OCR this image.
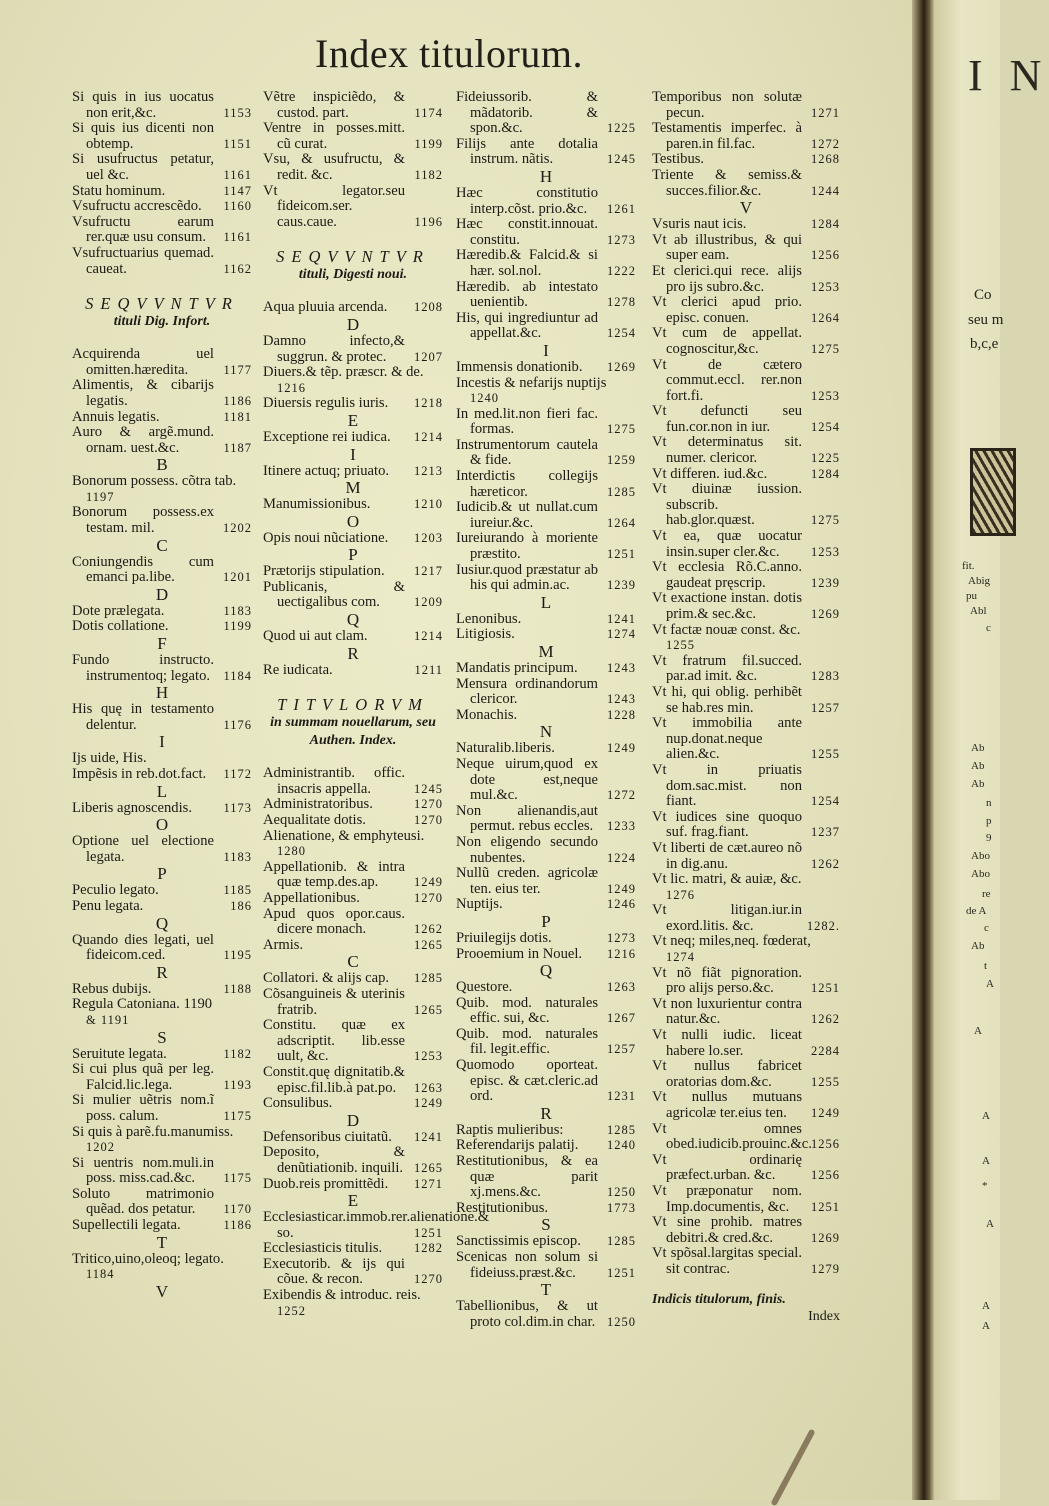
Index titulorum.
Si quis in ius uocatus non erit,&c.	1153
Si quis ius dicenti non obtemp.	1151
Si usufructus petatur, uel &c.	1161
Statu hominum.	1147
Vsufructu accrescẽdo.	1160
Vsufructu earum rer.quæ usu consum.	1161
Vsufructuarius quemad. caueat.	1162
SEQVVNTVR
tituli Dig. Infort.
Acquirenda uel omitten.hæreditа.	1177
Alimentis, & cibarijs legatis.	1186
Annuis legatis.	1181
Auro & argẽ.mund. ornam. uest.&c.	1187
B
Bonorum possess. cõtra tab.
1197
Bonorum possess.ex testam. mil.	1202
C
Coniungendis cum emanci pa.libe.	1201
D
Dote prælegata.	1183
Dotis collatione.	1199
F
Fundo instructo. instrumentoq; legato.	1184
H
His quę in testamento delentur.	1176
I
Ijs uide, His.
Impẽsis in reb.dot.fact.	1172
L
Liberis agnoscendis.	1173
O
Optione uel electione legata.	1183
P
Peculio legato.	1185
Penu legata.	186
Q
Quando dies legati, uel fideicom.ced.	1195
R
Rebus dubijs.	1188
Regula Catoniana. 1190
& 1191
S
Seruitute legata.	1182
Si cui plus quã per leg. Falcid.lic.lega.	1193
Si mulier uẽtris nom.ĩ poss. calum.	1175
Si quis à parẽ.fu.manumiss.
1202
Si uentris nom.muli.in poss. miss.cad.&c.	1175
Soluto matrimonio quẽad. dos petatur.	1170
Supellectili legata.	1186
T
Tritico,uino,oleoq; legato.
1184
V
Vẽtre inspiciẽdo, & custod. part.	1174
Ventre in posses.mitt. cũ curat.	1199
Vsu, & usufructu, & redit. &c.	1182
Vt legator.seu fideicom.ser. caus.caue.	1196
SEQVVNTVR
tituli, Digesti noui.
Aqua pluuia arcenda.	1208
D
Damno infecto,& suggrun. & protec.	1207
Diuers.& tẽp. præscr. & de.
1216
Diuersis regulis iuris.	1218
E
Exceptione rei iudica.	1214
I
Itinere actuq; priuato.	1213
M
Manumissionibus.	1210
O
Opis noui nũciatione.	1203
P
Prætorijs stipulation.	1217
Publicanis, & uectigalibus com.	1209
Q
Quod ui aut clam.	1214
R
Re iudicata.	1211
TITVLORVM
in summam nouellarum, seu Authen. Index.
Administrantib. offic. insacris appella.	1245
Administratoribus.	1270
Aequalitate dotis.	1270
Alienatione, & emphyteusi.
1280
Appellationib. & intra quæ temp.des.ap.	1249
Appellationibus.	1270
Apud quos opor.caus. dicere monach.	1262
Armis.	1265
C
Collatori. & alijs cap.	1285
Cõsanguineis & uterinis fratrib.	1265
Constitu. quæ ex adscriptit. lib.esse uult, &c.	1253
Constit.quę dignitatib.& episc.fil.lib.à pat.po.	1263
Consulibus.	1249
D
Defensoribus ciuitatũ.	1241
Deposito, & denũtiationib. inquili. 1265
Duob.reis promittẽdi.	1271
E
Ecclesiasticar.immob.rer.alienatione.& so.	1251
Ecclesiasticis titulis.	1282
Executorib. & ijs qui cõue. & recon.	1270
Exibendis & introduc. reis.
1252
Fideiussorib. & mãdatorib. & spon.&c.	1225
Filijs ante dotalia instrum. nãtis.	1245
H
Hæc constitutio interp.cõst. prio.&c.	1261
Hæc constit.innouat. constitu.	1273
Hæredib.& Falcid.& si hær. sol.nol.	1222
Hæredib. ab intestato uenientib.	1278
His, qui ingrediuntur ad appellat.&c.	1254
I
Immensis donationib.	1269
Incestis & nefarijs nuptijs
1240
In med.lit.non fieri fac. formas.	1275
Instrumentorum cautela & fide.	1259
Interdictis collegijs hæreticor.	1285
Iudicib.& ut nullat.cum iureiur.&c.	1264
Iureiurando à moriente præstito.	1251
Iusiur.quod præstatur ab his qui admin.ac.	1239
L
Lenonibus.	1241
Litigiosis.	1274
M
Mandatis principum.	1243
Mensura ordinandorum clericor.	1243
Monachis.	1228
N
Naturalib.liberis.	1249
Neque uirum,quod ex dote est,neque mul.&c.	1272
Non alienandis,aut permut. rebus eccles.	1233
Non eligendo secundo nubentes.	1224
Nullũ creden. agricolæ ten. eius ter.	1249
Nuptijs.	1246
P
Priuilegijs dotis.	1273
Prooemium in Nouel.	1216
Q
Questore.	1263
Quib. mod. naturales effic. sui, &c.	1267
Quib. mod. naturales fil. legit.effic.	1257
Quomodo oporteat. episc. & cæt.cleric.ad ord.	1231
R
Raptis mulieribus:	1285
Referendarijs palatij.	1240
Restitutionibus, & ea quæ parit xj.mens.&c.	1250
Restitutionibus.	1773
S
Sanctissimis episcop.	1285
Scenicas non solum si fideiuss.præst.&c.	1251
T
Tabellionibus, & ut proto col.dim.in char. 1250
Temporibus non solutæ pecun.	1271
Testamentis imperfec. à paren.in fil.fac.	1272
Testibus.	1268
Triente & semiss.& succes.filior.&c.	1244
V
Vsuris naut icis.	1284
Vt ab illustribus, & qui super eam.	1256
Et clerici.qui rece. alijs pro ijs subro.&c.	1253
Vt clerici apud prio. episc. conuen.	1264
Vt cum de appellat. cognoscitur,&c.	1275
Vt de cætero commut.eccl. rer.non fort.fi.	1253
Vt defuncti seu fun.cor.non in iur.	1254
Vt determinatus sit. numer. clericor.	1225
Vt differen. iud.&c.	1284
Vt diuinæ iussion. subscrib. hab.glor.quæst.	1275
Vt ea, quæ uocatur insin.super cler.&c.	1253
Vt ecclesia Rõ.C.anno. gaudeat pręscrip.	1239
Vt exactione instan. dotis prim.& sec.&c.	1269
Vt factæ nouæ const. &c.
1255
Vt fratrum fil.succed. par.ad imit. &c.	1283
Vt hi, qui oblig. perhibẽt se hab.res min.	1257
Vt immobilia ante nup.donat.neque alien.&c.	1255
Vt in priuatis dom.sac.mist. non fiant.	1254
Vt iudices sine quoquo suf. frag.fiant.	1237
Vt liberti de cæt.aureo nõ in dig.anu.	1262
Vt lic. matri, & auiæ, &c.
1276
Vt litigan.iur.in exord.litis. &c.	1282.
Vt neq; miles,neq. fœderat,
1274
Vt nõ fiãt pignoration. pro alijs perso.&c.	1251
Vt non luxurientur contra natur.&c.	1262
Vt nulli iudic. liceat habere lo.ser.	2284
Vt nullus fabricet oratorias dom.&c.	1255
Vt nullus mutuans agricolæ ter.eius ten.	1249
Vt omnes obed.iudicib.prouinc.&c. 1256
Vt ordinarię præfect.urban. &c.	1256
Vt præponatur nom. Imp.documentis, &c.	1251
Vt sine prohib. matres debitri.& cred.&c.	1269
Vt spõsal.largitas special. sit contrac.	1279
Indicis titulorum, finis.
Index
I N
Co
seu m
b,c,e
fit.
Abig
pu
Abl
c
Ab
Ab
Ab
n
p
9
Abo
Abo
re
de A
c
Ab
t
A
A
A
A
*
A
A
A
